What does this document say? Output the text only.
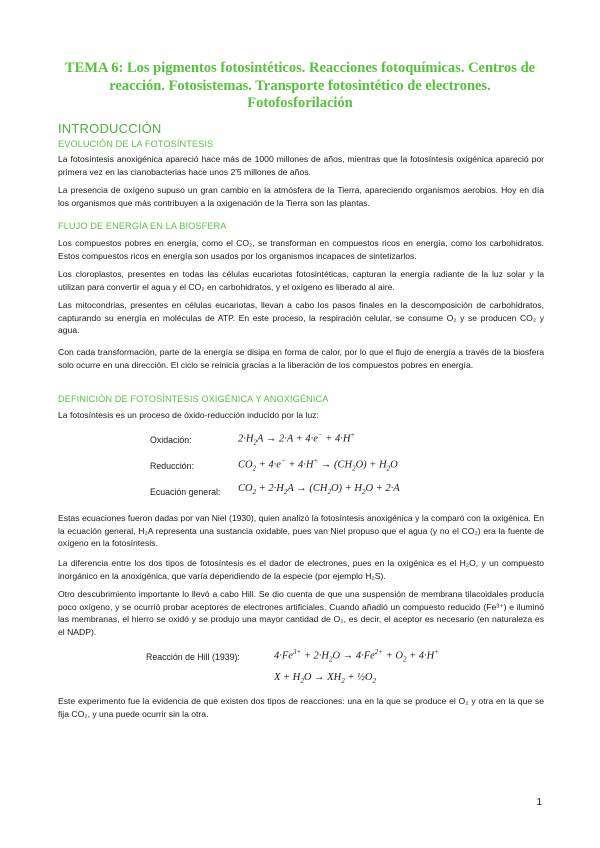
TEMA 6: Los pigmentos fotosintéticos. Reacciones fotoquímicas. Centros de reacción. Fotosistemas. Transporte fotosintético de electrones. Fotofosforilación
INTRODUCCIÓN
EVOLUCIÓN DE LA FOTOSÍNTESIS

La fotosíntesis anoxigénica apareció hace más de 1000 millones de años, mientras que la fotosíntesis oxigénica apareció por primera vez en las cianobacterias hace unos 2'5 millones de años.

La presencia de oxígeno supuso un gran cambio en la atmósfera de la Tierra, apareciendo organismos aerobios. Hoy en día los organismos que más contribuyen a la oxigenación de la Tierra son las plantas.

FLUJO DE ENERGÍA EN LA BIOSFERA

Los compuestos pobres en energía, como el CO₂, se transforman en compuestos ricos en energía, como los carbohidratos. Estos compuestos ricos en energía son usados por los organismos incapaces de sintetizarlos.

Los cloroplastos, presentes en todas las células eucariotas fotosintéticas, capturan la energía radiante de la luz solar y la utilizan para convertir el agua y el CO₂ en carbohidratos, y el oxígeno es liberado al aire.

Las mitocondrias, presentes en células eucariotas, llevan a cabo los pasos finales en la descomposición de carbohidratos, capturando su energía en moléculas de ATP. En este proceso, la respiración celular, se consume O₂ y se producen CO₂ y agua.

Con cada transformación, parte de la energía se disipa en forma de calor, por lo que el flujo de energía a través de la biosfera solo ocurre en una dirección. El ciclo se reinicia gracias a la liberación de los compuestos pobres en energía.

DEFINICIÓN DE FOTOSÍNTESIS OXIGÉNICA Y ANOXIGÉNICA

La fotosíntesis es un proceso de óxido-reducción inducido por la luz:

Oxidación:	$2\cdot H_2A \to 2\cdot A + 4\cdot e^- + 4\cdot H^+$
Reducción:	$CO_2 + 4\cdot e^- + 4\cdot H^+ \to (CH_2O) + H_2O$
Ecuación general: $CO_2 + 2\cdot H_2A \to (CH_2O) + H_2O + 2\cdot A$

Estas ecuaciones fueron dadas por van Niel (1930), quien analizó la fotosíntesis anoxigénica y la comparó con la oxigénica. En la ecuación general, H₂A representa una sustancia oxidable, pues van Niel propuso que el agua (y no el CO₂) era la fuente de oxígeno en la fotosíntesis.

La diferencia entre los dos tipos de fotosíntesis es el dador de electrones, pues en la oxigénica es el H₂O, y un compuesto inorgánico en la anoxigénica, que varía dependiendo de la especie (por ejemplo H₂S).

Otro descubrimiento importante lo llevó a cabo Hill. Se dio cuenta de que una suspensión de membrana tilacoidales producía poco oxígeno, y se ocurrió probar aceptores de electrones artificiales. Cuando añadió un compuesto reducido (Fe³⁺) e iluminó las membranas, el hierro se oxidó y se produjo una mayor cantidad de O₂, es decir, el aceptor es necesario (en naturaleza es el NADP).

Reacción de Hill (1939):	$4\cdot Fe^{3+} + 2\cdot H_2O \to 4\cdot Fe^{2+} + O_2 + 4\cdot H^+$
$X + H_2O \to XH_2$ + $\frac{1}{2}O_2$

Este experimento fue la evidencia de que existen dos tipos de reacciones: una en la que se produce el O₂ y otra en la que se fija CO₂, y una puede ocurrir sin la otra.

1
